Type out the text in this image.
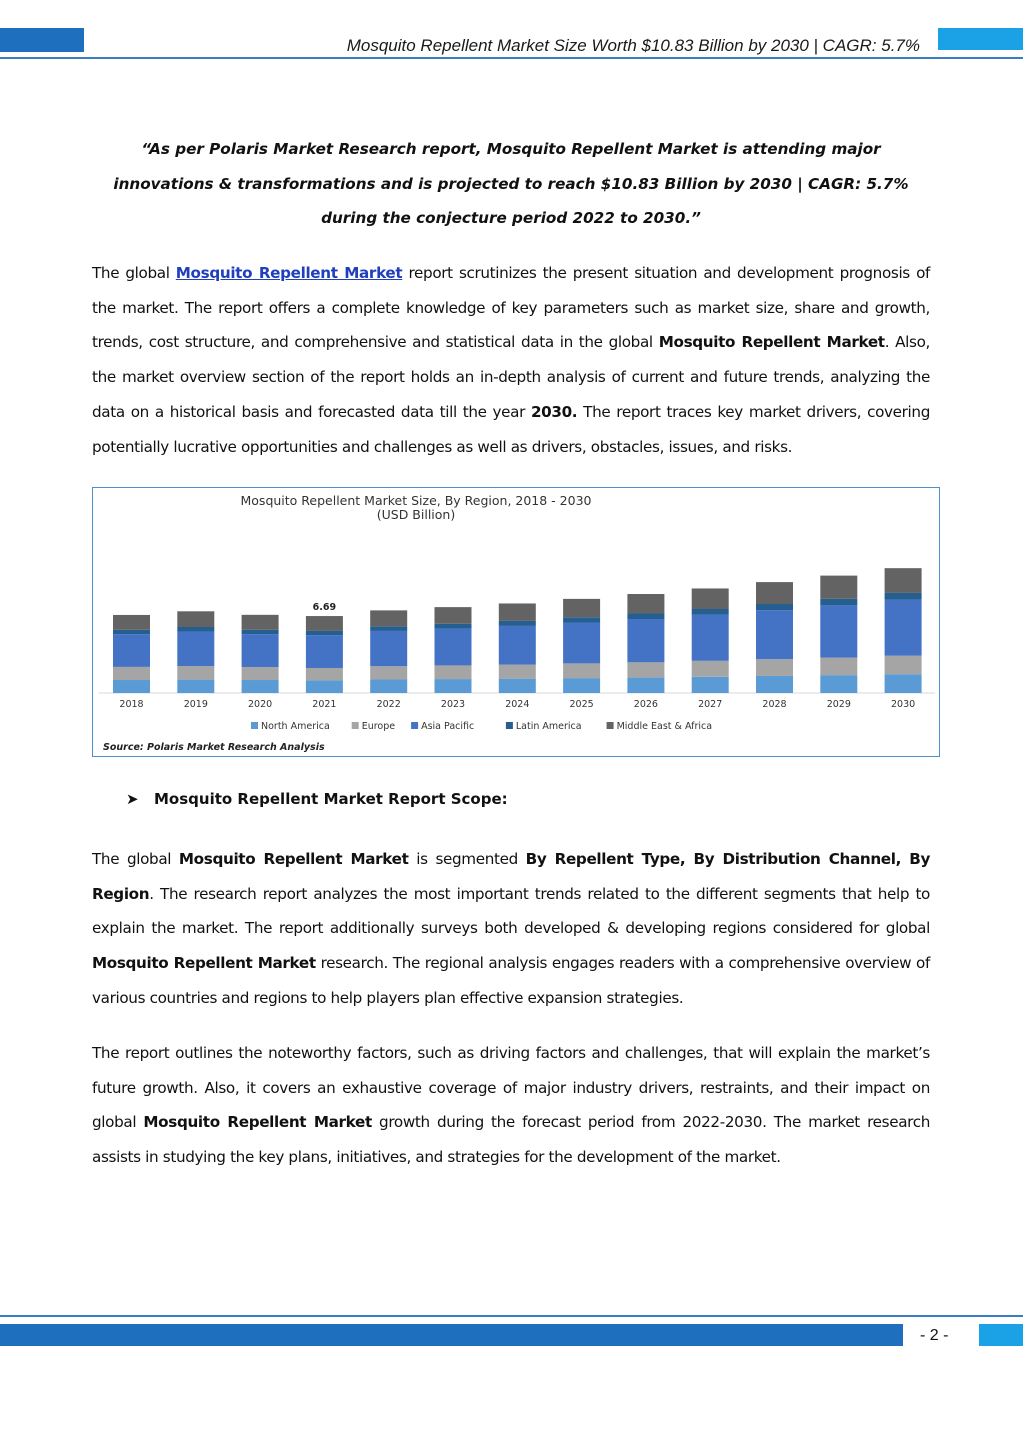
Mosquito Repellent Market Size Worth $10.83 Billion by 2030 | CAGR: 5.7%
“As per Polaris Market Research report, Mosquito Repellent Market is attending major innovations & transformations and is projected to reach $10.83 Billion by 2030 | CAGR: 5.7% during the conjecture period 2022 to 2030.”
The global Mosquito Repellent Market report scrutinizes the present situation and development prognosis of the market. The report offers a complete knowledge of key parameters such as market size, share and growth, trends, cost structure, and comprehensive and statistical data in the global Mosquito Repellent Market. Also, the market overview section of the report holds an in-depth analysis of current and future trends, analyzing the data on a historical basis and forecasted data till the year 2030. The report traces key market drivers, covering potentially lucrative opportunities and challenges as well as drivers, obstacles, issues, and risks.
Mosquito Repellent Market Size, By Region, 2018 - 2030
(USD Billion)
2018	2019	2020	2021	2022	2023	2024	2025	2026	2027	2028	2029	2030
6.69
North America	Europe	Asia Pacific	Latin America	Middle East & Africa
Source: Polaris Market Research Analysis
➤ Mosquito Repellent Market Report Scope:
The global Mosquito Repellent Market is segmented By Repellent Type, By Distribution Channel, By Region. The research report analyzes the most important trends related to the different segments that help to explain the market. The report additionally surveys both developed & developing regions considered for global Mosquito Repellent Market research. The regional analysis engages readers with a comprehensive overview of various countries and regions to help players plan effective expansion strategies.
The report outlines the noteworthy factors, such as driving factors and challenges, that will explain the market’s future growth. Also, it covers an exhaustive coverage of major industry drivers, restraints, and their impact on global Mosquito Repellent Market growth during the forecast period from 2022-2030. The market research assists in studying the key plans, initiatives, and strategies for the development of the market.
- 2 -
